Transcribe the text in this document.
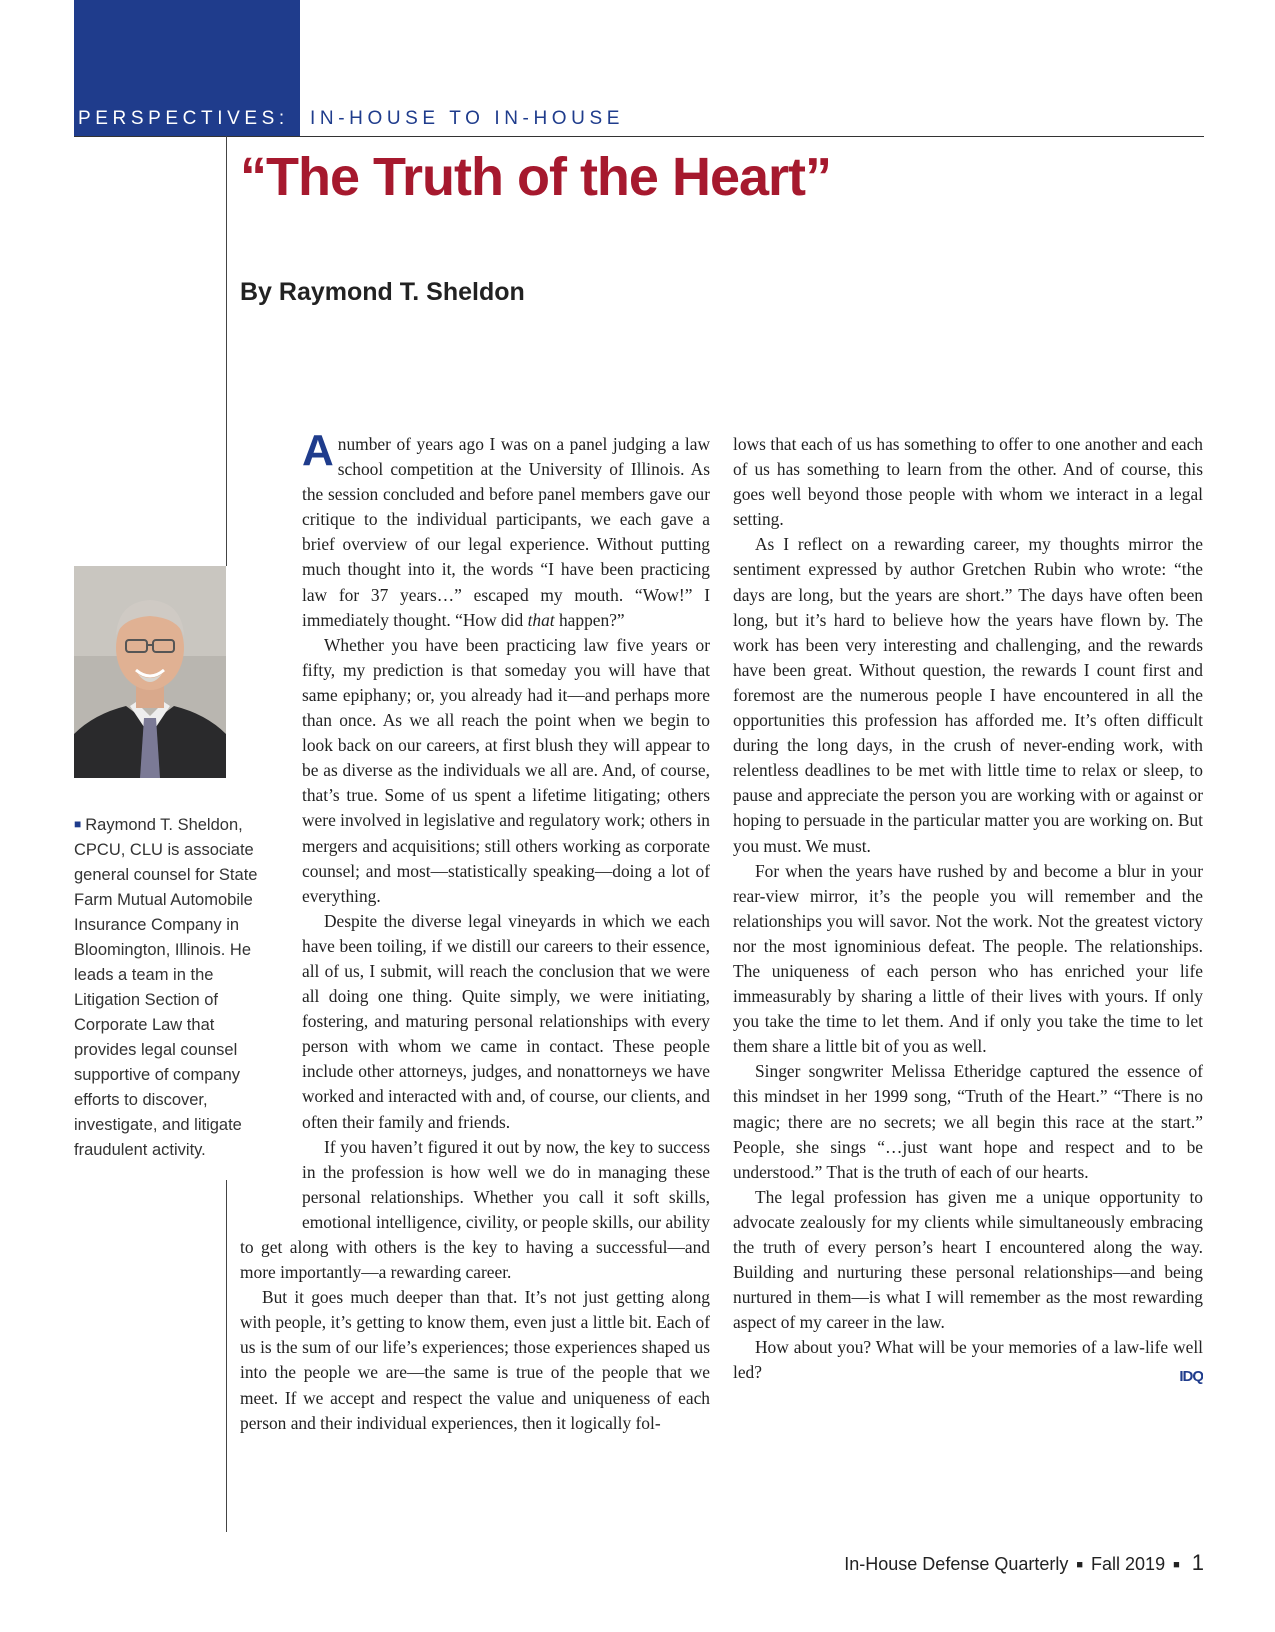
PERSPECTIVES: IN-HOUSE TO IN-HOUSE
“The Truth of the Heart”
By Raymond T. Sheldon

■ Raymond T. Sheldon, CPCU, CLU is associate general counsel for State Farm Mutual Automobile Insurance Company in Bloomington, Illinois. He leads a team in the Litigation Section of Corporate Law that provides legal counsel supportive of company efforts to discover, investigate, and litigate fraudulent activity.

Anumber of years ago I was on a panel judging a law school competition at the University of Illinois. As the session concluded and before panel members gave our critique to the individual participants, we each gave a brief overview of our legal experience. Without putting much thought into it, the words “I have been practicing law for 37 years…” escaped my mouth. “Wow!” I immediately thought. “How did that happen?”

Whether you have been practicing law five years or fifty, my prediction is that someday you will have that same epiphany; or, you already had it—and perhaps more than once. As we all reach the point when we begin to look back on our careers, at first blush they will appear to be as diverse as the individuals we all are. And, of course, that’s true. Some of us spent a lifetime litigating; others were involved in legislative and regulatory work; others in mergers and acquisitions; still others working as corporate counsel; and most—statistically speaking—doing a lot of everything.

Despite the diverse legal vineyards in which we each have been toiling, if we distill our careers to their essence, all of us, I submit, will reach the conclusion that we were all doing one thing. Quite simply, we were initiating, fostering, and maturing personal relationships with every person with whom we came in contact. These people include other attorneys, judges, and nonattorneys we have worked and interacted with and, of course, our clients, and often their family and friends.

If you haven’t figured it out by now, the key to success in the profession is how well we do in managing these personal relationships. Whether you call it soft skills, emotional intelligence, civility, or people skills, our ability to get along with others is the key to having a successful—and more importantly—a rewarding career.

But it goes much deeper than that. It’s not just getting along with people, it’s getting to know them, even just a little bit. Each of us is the sum of our life’s experiences; those experiences shaped us into the people we are—the same is true of the people that we meet. If we accept and respect the value and uniqueness of each person and their individual experiences, then it logically fol-

lows that each of us has something to offer to one another and each of us has something to learn from the other. And of course, this goes well beyond those people with whom we interact in a legal setting.

As I reflect on a rewarding career, my thoughts mirror the sentiment expressed by author Gretchen Rubin who wrote: “the days are long, but the years are short.” The days have often been long, but it’s hard to believe how the years have flown by. The work has been very interesting and challenging, and the rewards have been great. Without question, the rewards I count first and foremost are the numerous people I have encountered in all the opportunities this profession has afforded me. It’s often difficult during the long days, in the crush of never-ending work, with relentless deadlines to be met with little time to relax or sleep, to pause and appreciate the person you are working with or against or hoping to persuade in the particular matter you are working on. But you must. We must.

For when the years have rushed by and become a blur in your rear-view mirror, it’s the people you will remember and the relationships you will savor. Not the work. Not the greatest victory nor the most ignominious defeat. The people. The relationships. The uniqueness of each person who has enriched your life immeasurably by sharing a little of their lives with yours. If only you take the time to let them. And if only you take the time to let them share a little bit of you as well.

Singer songwriter Melissa Etheridge captured the essence of this mindset in her 1999 song, “Truth of the Heart.” “There is no magic; there are no secrets; we all begin this race at the start.” People, she sings “…just want hope and respect and to be understood.” That is the truth of each of our hearts.

The legal profession has given me a unique opportunity to advocate zealously for my clients while simultaneously embracing the truth of every person’s heart I encountered along the way. Building and nurturing these personal relationships—and being nurtured in them—is what I will remember as the most rewarding aspect of my career in the law.

How about you? What will be your memories of a law-life well led?	IDQ

In-House Defense Quarterly ■ Fall 2019 ■ 1
